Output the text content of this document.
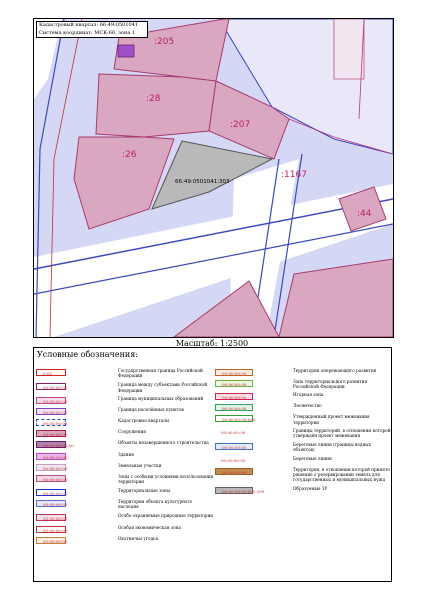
:205
:28
:207
:26
:1167
:44
66:49:0501041:303
Кадастровый квартал: 66:49:0501041
Система координат: МСК-66, зона 1
Масштаб: 1:2500
Условные обозначения:
0:00
Государственная граница Российской Федерации
00:00:00:00
Граница между субъектами Российской Федерации
00:00:00:00
Граница муниципальных образований
00:00:00:00
Граница населённых пунктов
00:00:00:00
Кадастровые кварталы
00:00:00:00
Сооружения
00:00:00:00:00
Объекты незавершенного строительства
00:00:00:00
Здания
00:00:00:00
Земельные участки
00:00:00:00
Зоны с особыми условиями использования территории
00:00:00:00
Территориальные зоны
00:00:00:00
Территория объекта культурного наследия
00:00:00:00
Особо охраняемые природные территории
00:00:00:00
Особая экономическая зона
00:00:00:00
Охотничьи угодья
00:00:00:00
Территория опережающего развития
00:00:00:00
Зона территориального развития Российской Федерации
00:00:00:00
Игорная зона
00:00:00:00
Лесничество
00:00:00:00:000
Утвержденный проект межевания территории
00:00:00:00	Границы территорий, в отношении которой утверждён проект межевания
00:00:00:00
Береговые линии (границы водных объектов)
00:00:00:00	Береговые линии
00:00:00:00
Территория, в отношении которой принято решение о резервировании земель для государственных и муниципальных нужд
00:00:00:00:000:399
Образуемые ЗУ
